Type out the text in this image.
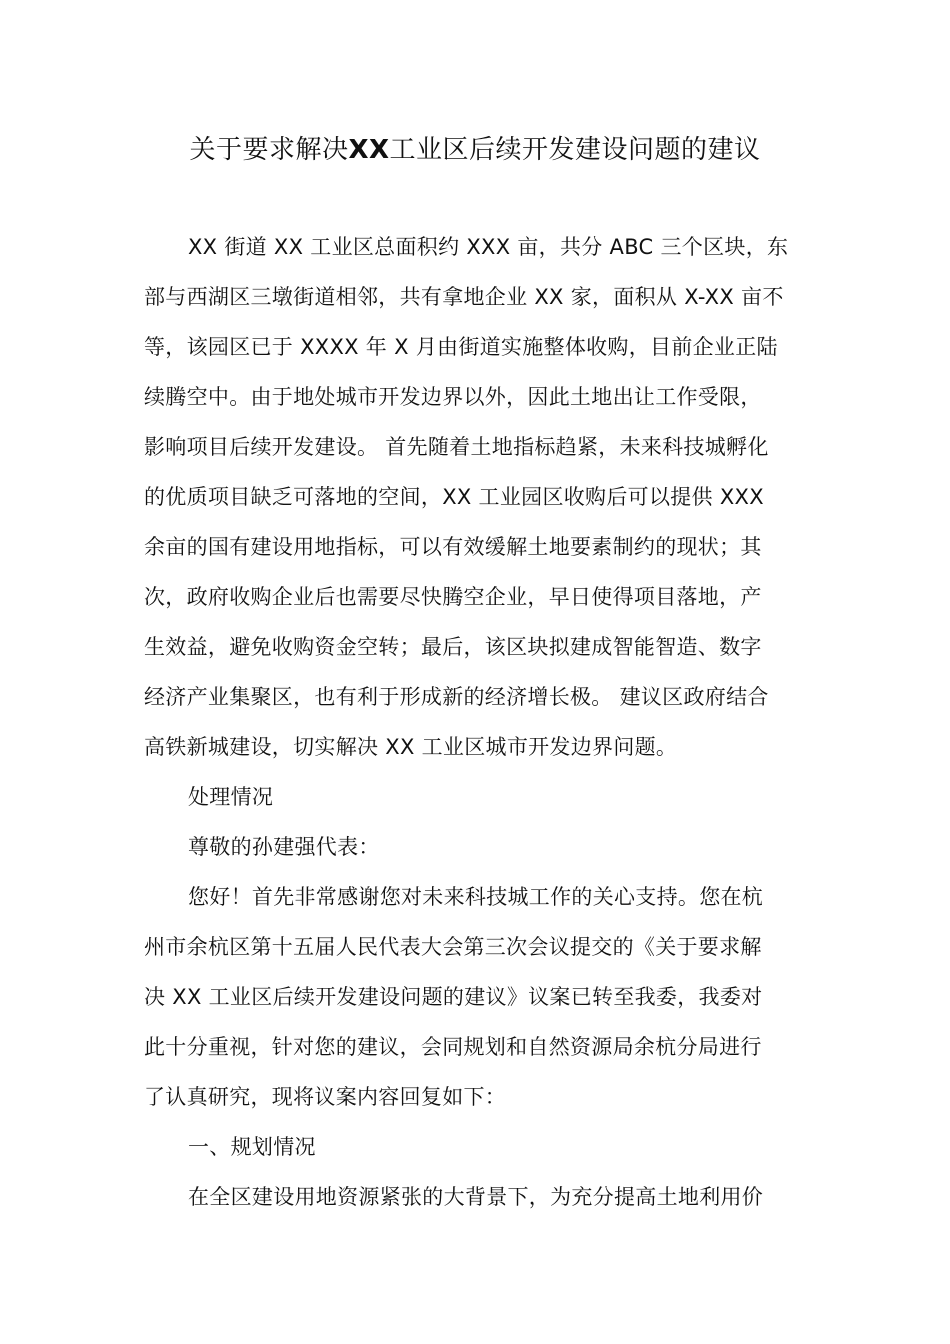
关于要求解决XX工业区后续开发建设问题的建议
XX 街道 XX 工业区总面积约 XXX 亩，共分 ABC 三个区块，东
部与西湖区三墩街道相邻，共有拿地企业 XX 家，面积从 X-XX 亩不
等，该园区已于 XXXX 年 X 月由街道实施整体收购，目前企业正陆
续腾空中。由于地处城市开发边界以外，因此土地出让工作受限，
影响项目后续开发建设。 首先随着土地指标趋紧，未来科技城孵化
的优质项目缺乏可落地的空间，XX 工业园区收购后可以提供 XXX
余亩的国有建设用地指标，可以有效缓解土地要素制约的现状；其
次，政府收购企业后也需要尽快腾空企业，早日使得项目落地，产
生效益，避免收购资金空转；最后，该区块拟建成智能智造、数字
经济产业集聚区，也有利于形成新的经济增长极。 建议区政府结合
高铁新城建设，切实解决 XX 工业区城市开发边界问题。
处理情况
尊敬的孙建强代表：
您好！首先非常感谢您对未来科技城工作的关心支持。您在杭
州市余杭区第十五届人民代表大会第三次会议提交的《关于要求解
决 XX 工业区后续开发建设问题的建议》议案已转至我委，我委对
此十分重视，针对您的建议，会同规划和自然资源局余杭分局进行
了认真研究，现将议案内容回复如下：
一、规划情况
在全区建设用地资源紧张的大背景下，为充分提高土地利用价
